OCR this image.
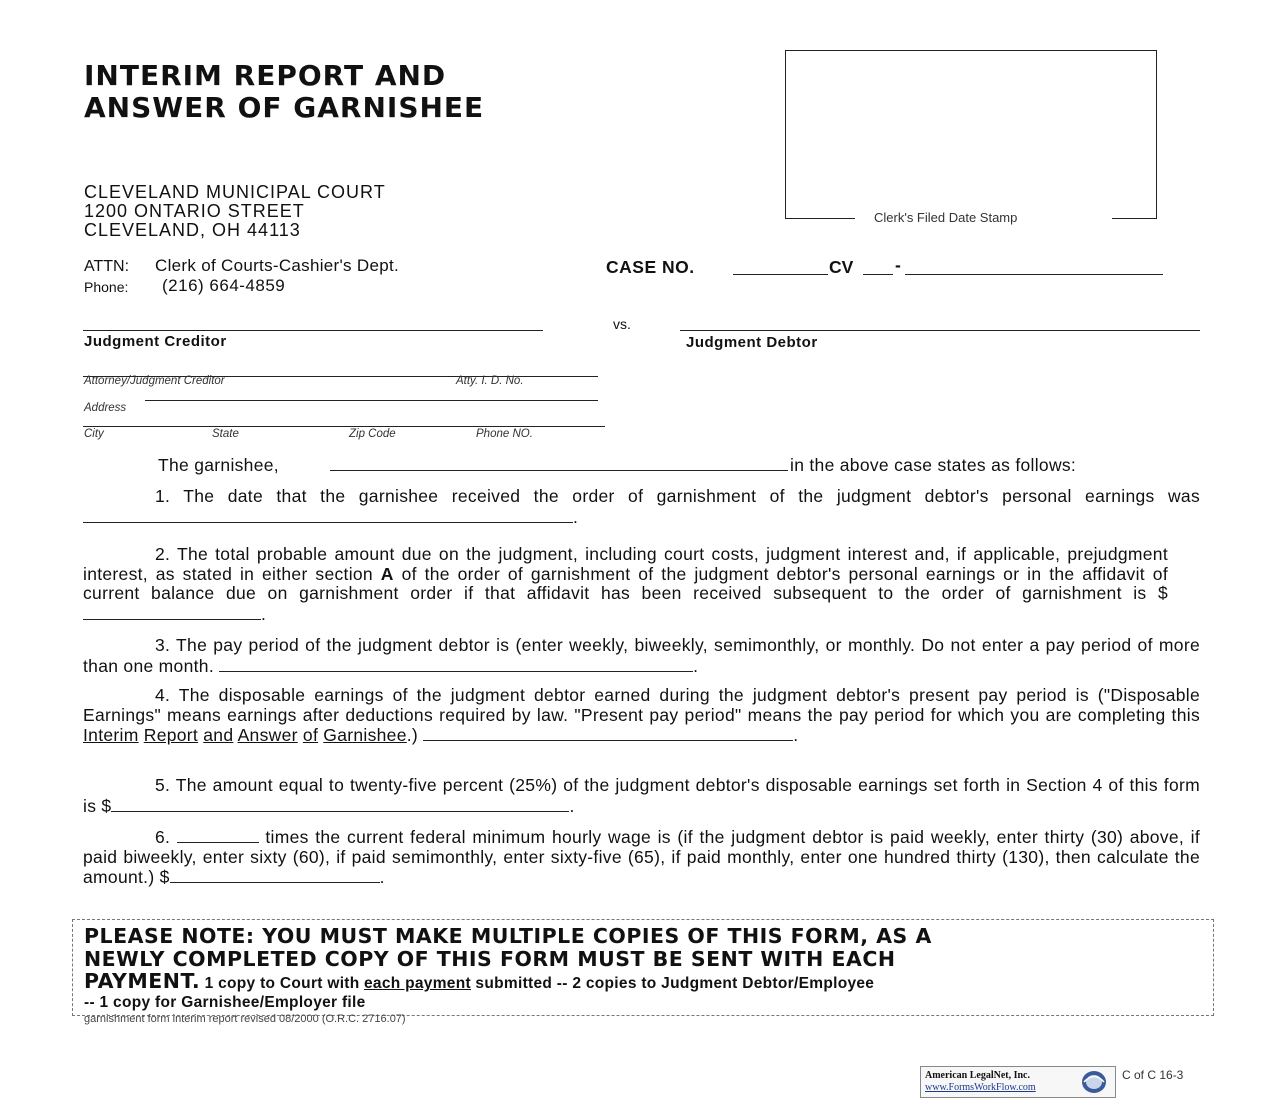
INTERIM REPORT AND
ANSWER OF GARNISHEE
Clerk's Filed Date Stamp
CLEVELAND MUNICIPAL COURT
1200 ONTARIO STREET
CLEVELAND, OH 44113
ATTN: Clerk of Courts-Cashier's Dept.
Phone: (216) 664-4859
CASE NO.	CV -
vs.
Judgment Creditor	Judgment Debtor
Attorney/Judgment Creditor	Atty. I. D. No.
Address
City	State	Zip Code	Phone NO.
The garnishee,	in the above case states as follows:
1. The date that the garnishee received the order of garnishment of the judgment debtor's personal earnings was .
2. The total probable amount due on the judgment, including court costs, judgment interest and, if applicable, prejudgment interest, as stated in either section A of the order of garnishment of the judgment debtor's personal earnings or in the affidavit of current balance due on garnishment order if that affidavit has been received subsequent to the order of garnishment is $.
3. The pay period of the judgment debtor is (enter weekly, biweekly, semimonthly, or monthly. Do not enter a pay period of more than one month.	.
4. The disposable earnings of the judgment debtor earned during the judgment debtor's present pay period is ("Disposable Earnings" means earnings after deductions required by law. "Present pay period" means the pay period for which you are completing this Interim Report and Answer of Garnishee.)	.
5. The amount equal to twenty-five percent (25%) of the judgment debtor's disposable earnings set forth in Section 4 of this form is $	.
6.	times the current federal minimum hourly wage is (if the judgment debtor is paid weekly, enter thirty (30) above, if paid biweekly, enter sixty (60), if paid semimonthly, enter sixty-five (65), if paid monthly, enter one hundred thirty (130), then calculate the amount.) $	.
PLEASE NOTE: YOU MUST MAKE MULTIPLE COPIES OF THIS FORM, AS A
NEWLY COMPLETED COPY OF THIS FORM MUST BE SENT WITH EACH
PAYMENT. 1 copy to Court with each payment submitted -- 2 copies to Judgment Debtor/Employee
-- 1 copy for Garnishee/Employer file
garnishment form interim report revised 08/2000 (O.R.C. 2716.07)
American LegalNet, Inc.
www.FormsWorkFlow.com
C of C 16-3
